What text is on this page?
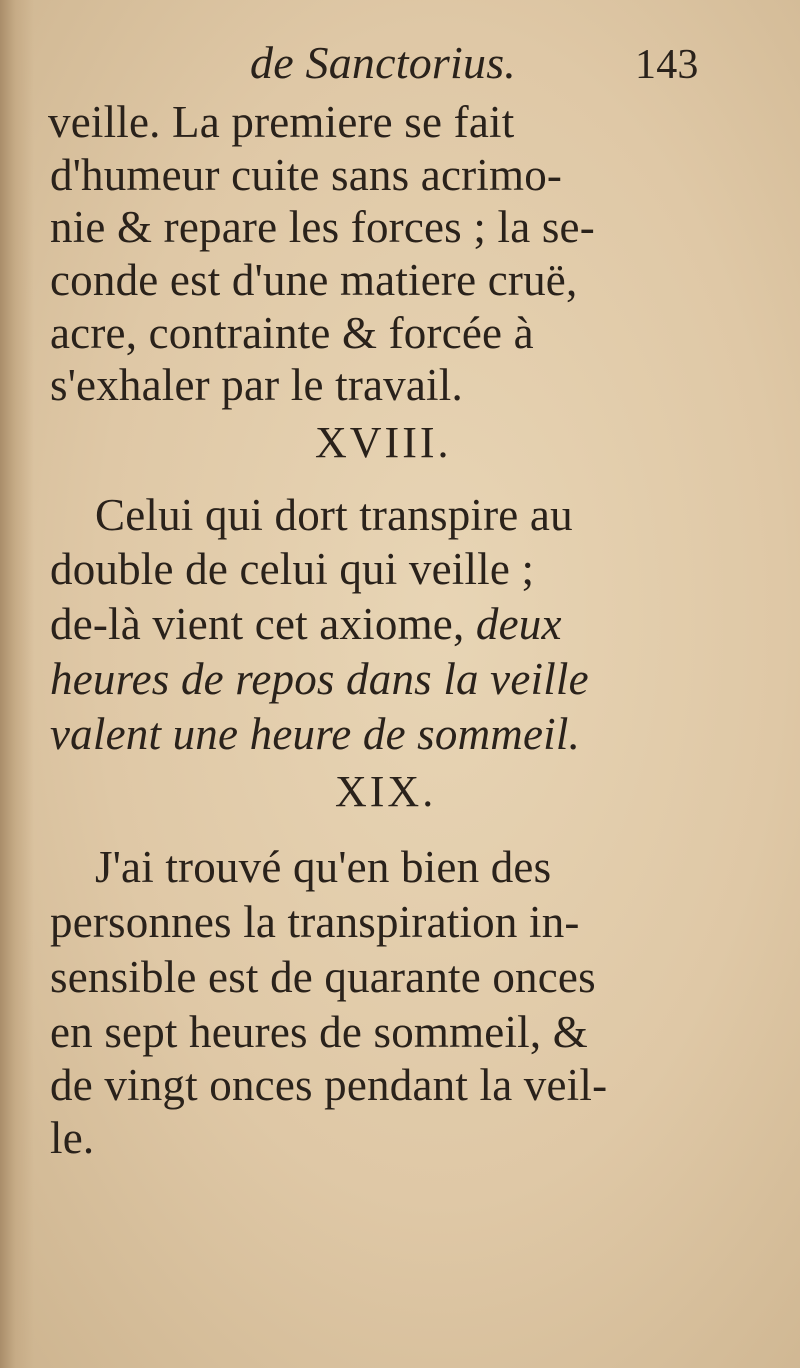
de Sanctorius.	143
veille. La premiere se fait
d'humeur cuite sans acrimo-
nie & repare les forces ; la se-
conde est d'une matiere cruë,
acre, contrainte & forcée à
s'exhaler par le travail.
XVIII.
Celui qui dort transpire au
double de celui qui veille ;
de-là vient cet axiome, deux
heures de repos dans la veille
valent une heure de sommeil.
XIX.
J'ai trouvé qu'en bien des
personnes la transpiration in-
sensible est de quarante onces
en sept heures de sommeil, &
de vingt onces pendant la veil-
le.
